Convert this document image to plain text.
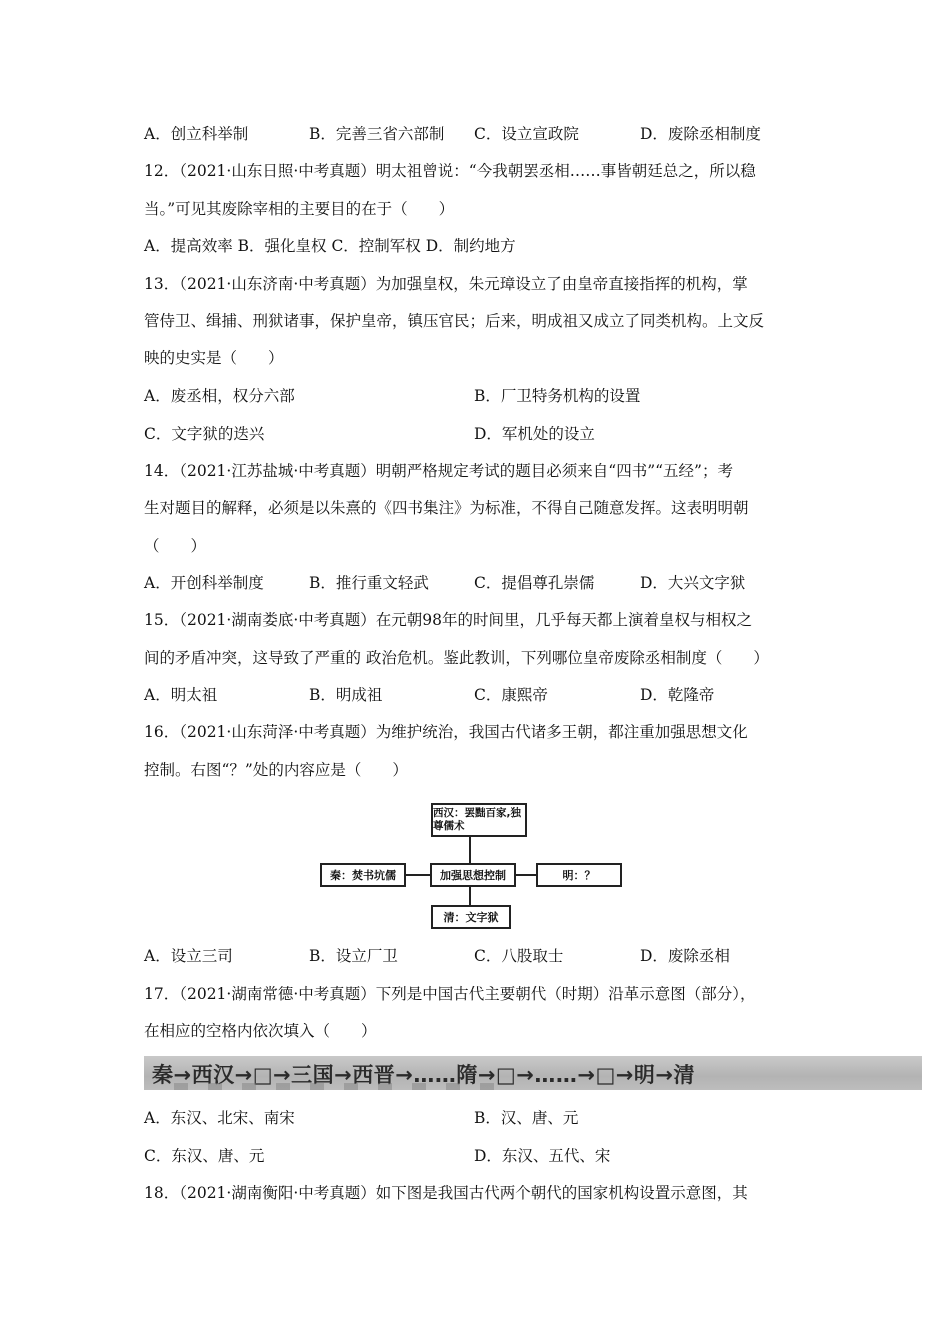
A．创立科举制	B．完善三省六部制 C．设立宣政院	D．废除丞相制度
12．（2021·山东日照·中考真题）明太祖曾说：“今我朝罢丞相……事皆朝廷总之，所以稳
当。”可见其废除宰相的主要目的在于（　　）
A．提高效率 B．强化皇权 C．控制军权 D．制约地方
13．（2021·山东济南·中考真题）为加强皇权，朱元璋设立了由皇帝直接指挥的机构，掌
管侍卫、缉捕、刑狱诸事，保护皇帝，镇压官民；后来，明成祖又成立了同类机构。上文反
映的史实是（　　）
A．废丞相，权分六部	B．厂卫特务机构的设置
C．文字狱的迭兴	D．军机处的设立
14．（2021·江苏盐城·中考真题）明朝严格规定考试的题目必须来自“四书”“五经”；考
生对题目的解释，必须是以朱熹的《四书集注》为标准，不得自己随意发挥。这表明明朝
（　　）
A．开创科举制度	B．推行重文轻武	C．提倡尊孔崇儒	D．大兴文字狱
15．（2021·湖南娄底·中考真题）在元朝98年的时间里，几乎每天都上演着皇权与相权之
间的矛盾冲突，这导致了严重的 政治危机。鉴此教训，下列哪位皇帝废除丞相制度（　　）
A．明太祖	B．明成祖	C．康熙帝	D．乾隆帝
16．（2021·山东菏泽·中考真题）为维护统治，我国古代诸多王朝，都注重加强思想文化
控制。右图“？”处的内容应是（　　）
西汉：罢黜百家,独尊儒术
秦：焚书坑儒	加强思想控制	明：？
清：文字狱
A．设立三司	B．设立厂卫	C．八股取士	D．废除丞相
17．（2021·湖南常德·中考真题）下列是中国古代主要朝代（时期）沿革示意图（部分），
在相应的空格内依次填入（　　）
秦→西汉→□→三国→西晋→……隋→□→……→□→明→清
A．东汉、北宋、南宋	B．汉、唐、元
C．东汉、唐、元	D．东汉、五代、宋
18．（2021·湖南衡阳·中考真题）如下图是我国古代两个朝代的国家机构设置示意图，其
